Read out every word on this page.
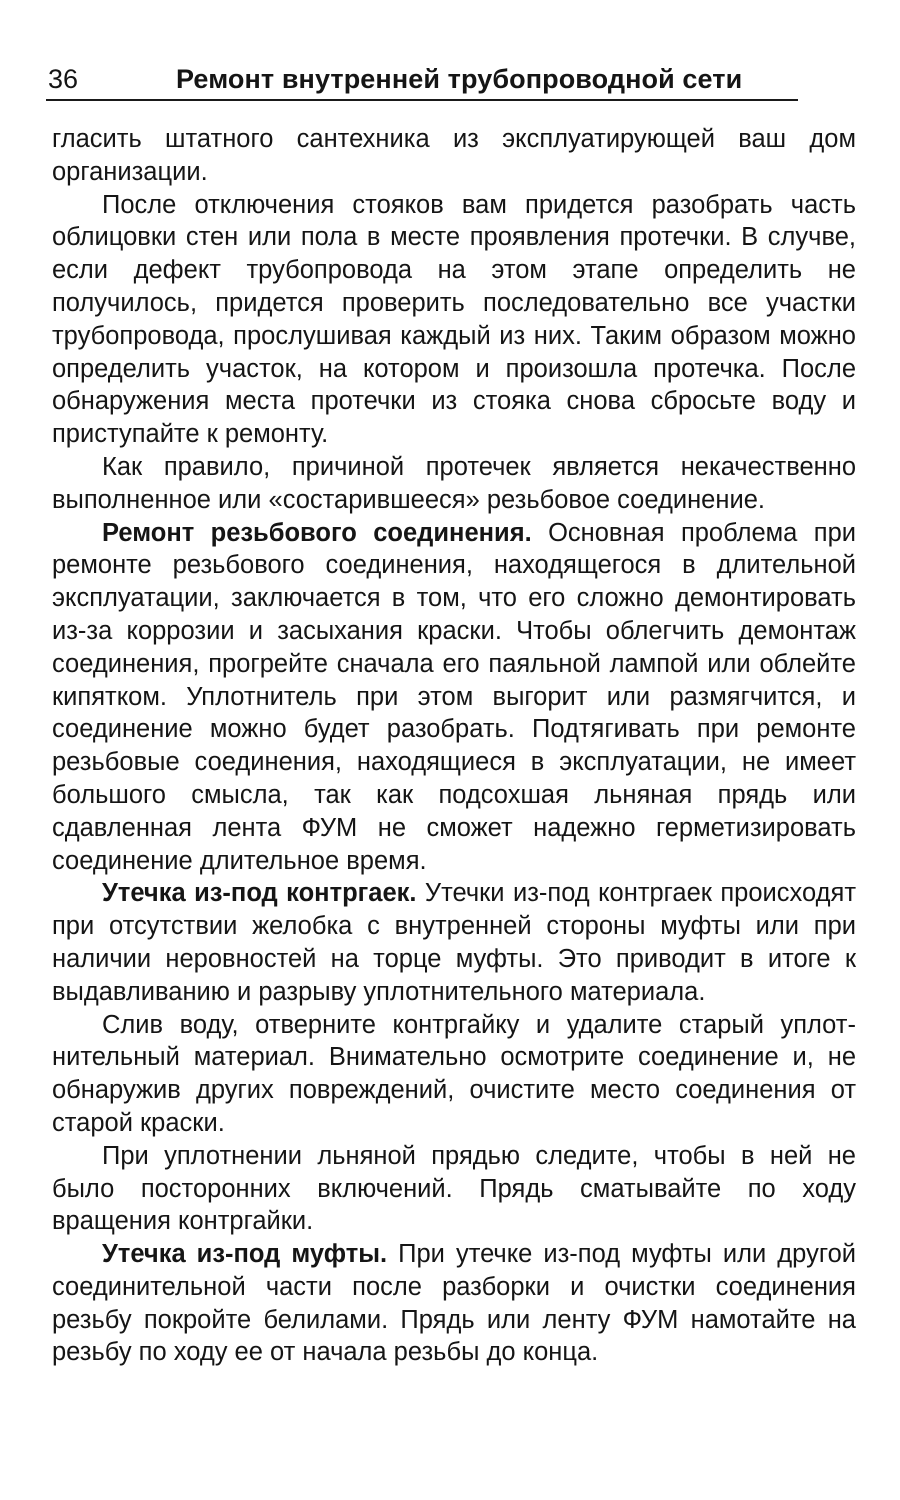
36	Ремонт внутренней трубопроводной сети

гласить штатного сантехника из эксплуатирующей ваш дом организации.

После отключения стояков вам придется разобрать часть облицовки стен или пола в месте проявления протечки. В случве, если дефект трубопровода на этом этапе определить не получилось, придется проверить последовательно все участки трубопровода, прослушивая каждый из них. Таким образом можно определить участок, на котором и произошла протечка. После обнаружения места протечки из стояка снова сбросьте воду и приступайте к ремонту.

Как правило, причиной протечек является некачественно выполненное или «состарившееся» резьбовое соединение.

Ремонт резьбового соединения. Основная проблема при ремонте резьбового соединения, находящегося в длительной эксплуатации, заключается в том, что его сложно демонтировать из-за коррозии и засыхания краски. Чтобы облегчить демонтаж соединения, прогрейте сначала его паяльной лампой или облейте кипятком. Уплотнитель при этом выгорит или размягчится, и соединение можно будет разобрать. Подтягивать при ремонте резьбовые соединения, находящиеся в эксплуатации, не имеет большого смысла, так как подсохшая льняная прядь или сдавленная лента ФУМ не сможет надежно герметизировать соединение длительное время.

Утечка из-под контргаек. Утечки из-под контргаек происходят при отсутствии желобка с внутренней стороны муфты или при наличии неровностей на торце муфты. Это приводит в итоге к выдавливанию и разрыву уплотнительного материала.

Слив воду, отверните контргайку и удалите старый уплотнительный материал. Внимательно осмотрите соединение и, не обнаружив других повреждений, очистите место соединения от старой краски.

При уплотнении льняной прядью следите, чтобы в ней не было посторонних включений. Прядь сматывайте по ходу вращения контргайки.

Утечка из-под муфты. При утечке из-под муфты или другой соединительной части после разборки и очистки соединения резьбу покройте белилами. Прядь или ленту ФУМ намотайте на резьбу по ходу ее от начала резьбы до конца.
